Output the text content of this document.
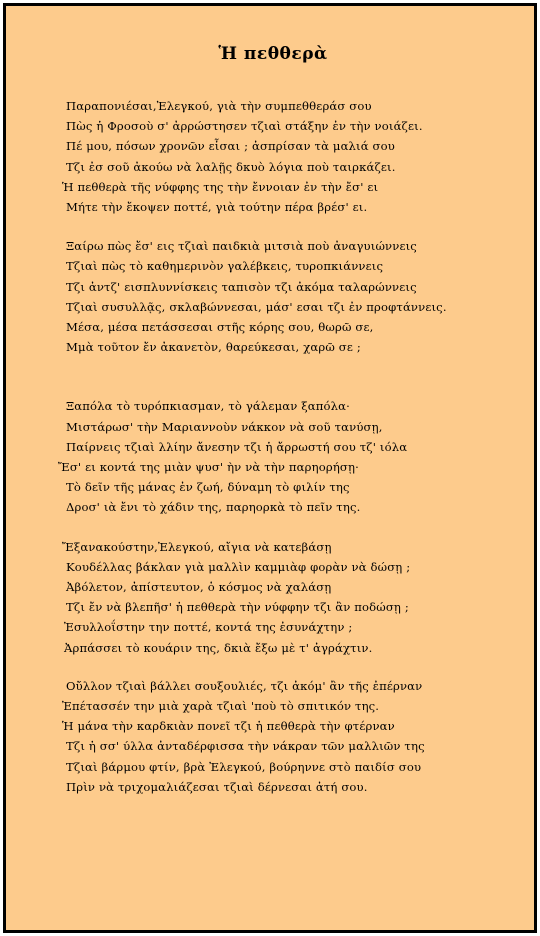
Ἡ πεθθερὰ
Παραπονιέσαι,Ἐλεγκού, γιὰ τὴν συμπεθθεράσ σου
Πὼς ἡ Φροσοὺ σ' ἀρρώστησεν τζιαὶ στάξην ἐν τὴν νοιάζει.
Πέ μου, πόσων χρονῶν εἶσαι ; ἀσπρίσαν τὰ μαλιά σου
Τζι ἐσ σοῦ ἀκούω νὰ λαλῇς δκυὸ λόγια ποὺ ταιρκάζει.
Ἡ πεθθερὰ τῆς νύφφης της τὴν ἔννοιαν ἐν τὴν ἔσ' ει
Μήτε τὴν ἔκοψεν ποττέ, γιὰ τούτην πέρα βρέσ' ει.
Ξαίρω πὼς ἔσ' εις τζιαὶ παιδκιὰ μιτσιὰ ποὺ ἀναγυιώννεις
Τζιαὶ πὼς τὸ καθημερινὸν γαλέβκεις, τυροπκιάννεις
Τζι ἀντζ' εισπλυννίσκεις ταπισὸν τζι ἀκόμα ταλαρώννεις
Τζιαὶ συσυλλᾷς, σκλαβώννεσαι, μάσ' εσαι τζι ἐν προφτάννεις.
Μέσα, μέσα πετάσσεσαι στῆς κόρης σου, θωρῶ σε,
Μμὰ τοῦτον ἔν ἀκανετὸν, θαρεύκεσαι, χαρῶ σε ;
Ξαπόλα τὸ τυρόπκιασμαν, τὸ γάλεμαν ξαπόλα·
Μιστάρωσ' τὴν Μαριαννοὺν νάκκον νὰ σοῦ τανύσῃ,
Παίρνεις τζιαὶ λλίην ἄνεσην τζι ἡ ἄρρωστή σου τζ' ιόλα
Ἔσ' ει κοντά της μιὰν ψυσ' ὴν νὰ τὴν παρηορήσῃ·
Τὸ δεῖν τῆς μάνας ἐν ζωή, δύναμη τὸ φιλίν της
Δροσ' ιὰ ἔνι τὸ χάδιν της, παρηορκὰ τὸ πεῖν της.
Ἔξανακούστην,Ἐλεγκού, αἴγια νὰ κατεβάσῃ
Κουδέλλας βάκλαν γιὰ μαλλὶν καμμιὰφ φορὰν νὰ δώσῃ ;
Ἀβόλετον, ἀπίστευτον, ὁ κόσμος νὰ χαλάσῃ
Τζι ἔν νὰ βλεπῆσ' ἡ πεθθερὰ τὴν νύφφην τζι ἂν ποδώσῃ ;
Ἐσυλλοΐστην την ποττέ, κοντά της ἐσυνάχτην ;
Ἀρπάσσει τὸ κουάριν της, δκιὰ ἔξω μὲ τ' ἀγράχτιν.
Οὔλλον τζιαὶ βάλλει σουξουλιές, τζι ἀκόμ' ἂν τῆς ἐπέρναν
Ἐπέτασσέν την μιὰ χαρὰ τζιαὶ 'ποὺ τὸ σπιτικόν της.
Ἡ μάνα τὴν καρδκιὰν πονεῖ τζι ἡ πεθθερὰ τὴν φτέρναν
Τζι ἡ σσ' ύλλα ἀνταδέρφισσα τὴν νάκραν τῶν μαλλιῶν της
Τζιαὶ βάρμου φτίν, βρὰ Ἐλεγκού, βούρηννε στὸ παιδίσ σου
Πρὶν νὰ τριχομαλιάζεσαι τζιαὶ δέρνεσαι ἀτή σου.
